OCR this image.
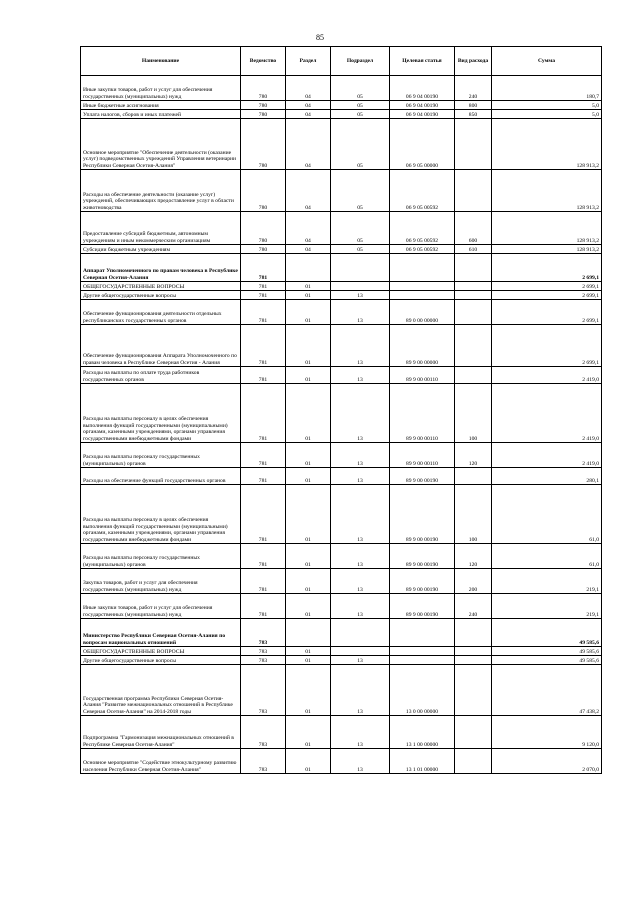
85
Наименование	Ведомство	Раздел	Подраздел	Целевая статья	Вид расхода	Сумма
Иные закупки товаров, работ и услуг для обеспечения государственных (муниципальных) нужд	780	04	05	06 9 04 00190	240	180,7
Иные бюджетные ассигнования	780	04	05	06 9 04 00190	800	5,0
Уплата налогов, сборов и иных платежей	780	04	05	06 9 04 00190	850	5,0
Основное мероприятие "Обеспечение деятельности (оказание услуг) подведомственных учреждений Управления ветеринарии Республики Северная Осетия-Алания"	780	04	05	06 9 05 00000		128 913,2
Расходы на обеспечение деятельности (оказание услуг) учреждений, обеспечивающих предоставление услуг в области животноводства	780	04	05	06 9 05 00592		128 913,2
Предоставление субсидий бюджетным, автономным учреждениям и иным некоммерческим организациям	780	04	05	06 9 05 00592	600	128 913,2
Субсидии бюджетным учреждениям	780	04	05	06 9 05 00592	610	128 913,2
Аппарат Уполномоченного по правам человека в Республике Северная Осетия-Алания	781					2 699,1
ОБЩЕГОСУДАРСТВЕННЫЕ ВОПРОСЫ	781	01				2 699,1
Другие общегосударственные вопросы	781	01	13			2 699,1
Обеспечение функционирования деятельности отдельных республиканских государственных органов	781	01	13	89 0 00 00000		2 699,1
Обеспечение функционирования Аппарата Уполномоченного по правам человека в Республике Северная Осетия - Алания	781	01	13	89 9 00 00000		2 699,1
Расходы на выплаты по оплате труда работников государственных органов	781	01	13	89 9 00 00110		2 419,0
Расходы на выплаты персоналу в целях обеспечения выполнения функций государственными (муниципальными) органами, казенными учреждениями, органами управления государственными внебюджетными фондами	781	01	13	89 9 00 00110	100	2 419,0
Расходы на выплаты персоналу государственных (муниципальных) органов	781	01	13	89 9 00 00110	120	2 419,0
Расходы на обеспечение функций государственных органов	781	01	13	89 9 00 00190		280,1
Расходы на выплаты персоналу в целях обеспечения выполнения функций государственными (муниципальными) органами, казенными учреждениями, органами управления государственными внебюджетными фондами	781	01	13	89 9 00 00190	100	61,0
Расходы на выплаты персоналу государственных (муниципальных) органов	781	01	13	89 9 00 00190	120	61,0
Закупка товаров, работ и услуг для обеспечения государственных (муниципальных) нужд	781	01	13	89 9 00 00190	200	219,1
Иные закупки товаров, работ и услуг для обеспечения государственных (муниципальных) нужд	781	01	13	89 9 00 00190	240	219,1
Министерство Республики Северная Осетия-Алания по вопросам национальных отношений	783					49 585,6
ОБЩЕГОСУДАРСТВЕННЫЕ ВОПРОСЫ	783	01				49 585,6
Другие общегосударственные вопросы	783	01	13			49 585,6
Государственная программа Республики Северная Осетия-Алания "Развитие межнациональных отношений в Республике Северная Осетия-Алания" на 2014-2018 годы	783	01	13	13 0 00 00000		47 438,2
Подпрограмма "Гармонизация межнациональных отношений в Республике Северная Осетия-Алания"	783	01	13	13 1 00 00000		9 120,0
Основное мероприятие "Содействие этнокультурному развитию населения Республики Северная Осетия-Алания"	783	01	13	13 1 01 00000		2 070,0
